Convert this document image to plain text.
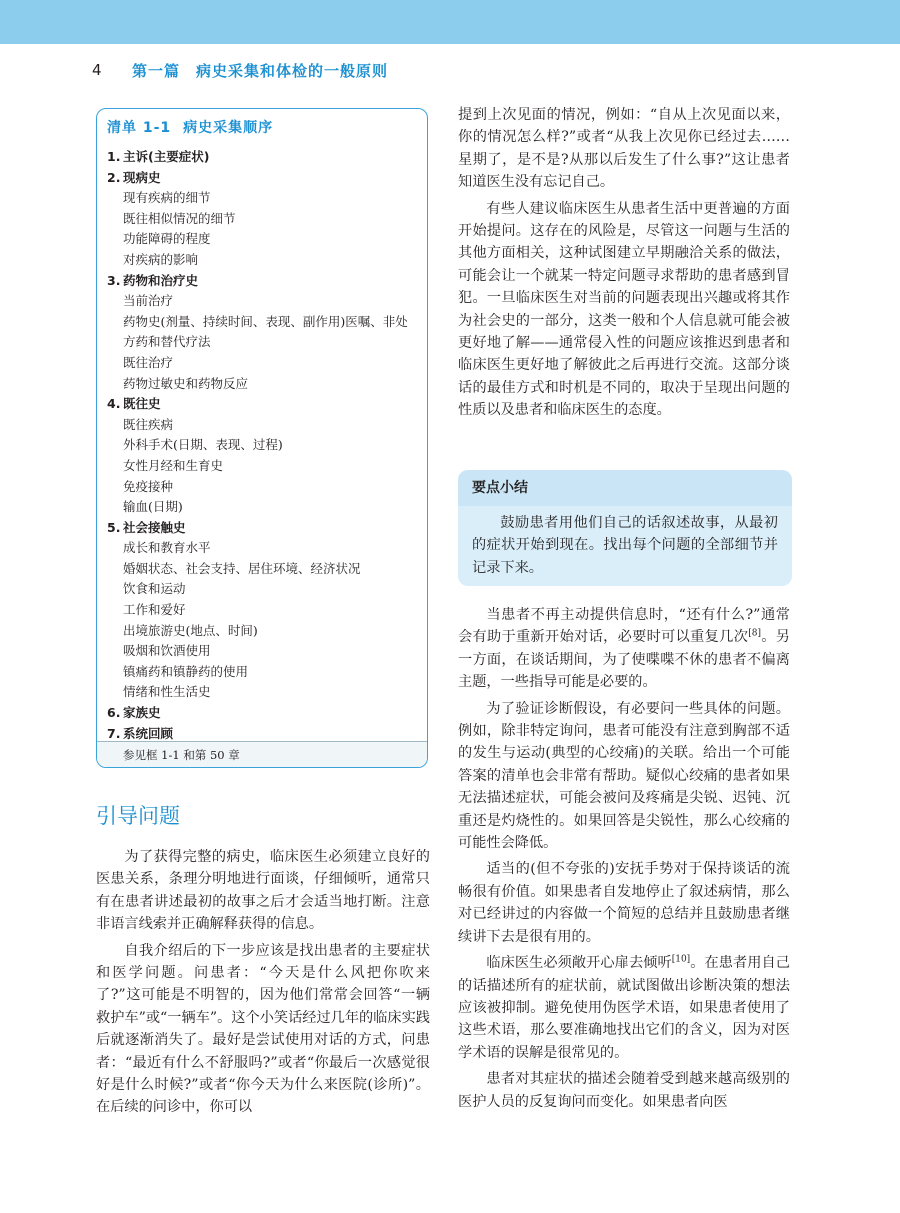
4	第一篇　病史采集和体检的一般原则
清单 1-1 病史采集顺序
1. 主诉(主要症状)
2. 现病史
现有疾病的细节
既往相似情况的细节
功能障碍的程度
对疾病的影响
3. 药物和治疗史
当前治疗
药物史(剂量、持续时间、表现、副作用)医嘱、非处方药和替代疗法
既往治疗
药物过敏史和药物反应
4. 既往史
既往疾病
外科手术(日期、表现、过程)
女性月经和生育史
免疫接种
输血(日期)
5. 社会接触史
成长和教育水平
婚姻状态、社会支持、居住环境、经济状况
饮食和运动
工作和爱好
出境旅游史(地点、时间)
吸烟和饮酒使用
镇痛药和镇静药的使用
情绪和性生活史
6. 家族史
7. 系统回顾
参见框 1-1 和第 50 章
引导问题

为了获得完整的病史，临床医生必须建立良好的医患关系，条理分明地进行面谈，仔细倾听，通常只有在患者讲述最初的故事之后才会适当地打断。注意非语言线索并正确解释获得的信息。

自我介绍后的下一步应该是找出患者的主要症状和医学问题。问患者：“今天是什么风把你吹来了?”这可能是不明智的，因为他们常常会回答“一辆救护车”或“一辆车”。这个小笑话经过几年的临床实践后就逐渐消失了。最好是尝试使用对话的方式，问患者：“最近有什么不舒服吗?”或者“你最后一次感觉很好是什么时候?”或者“你今天为什么来医院(诊所)”。在后续的问诊中，你可以

提到上次见面的情况，例如：“自从上次见面以来，你的情况怎么样?”或者“从我上次见你已经过去……星期了，是不是?从那以后发生了什么事?”这让患者知道医生没有忘记自己。

有些人建议临床医生从患者生活中更普遍的方面开始提问。这存在的风险是，尽管这一问题与生活的其他方面相关，这种试图建立早期融洽关系的做法，可能会让一个就某一特定问题寻求帮助的患者感到冒犯。一旦临床医生对当前的问题表现出兴趣或将其作为社会史的一部分，这类一般和个人信息就可能会被更好地了解——通常侵入性的问题应该推迟到患者和临床医生更好地了解彼此之后再进行交流。这部分谈话的最佳方式和时机是不同的，取决于呈现出问题的性质以及患者和临床医生的态度。

要点小结
鼓励患者用他们自己的话叙述故事，从最初的症状开始到现在。找出每个问题的全部细节并记录下来。

当患者不再主动提供信息时，“还有什么?”通常会有助于重新开始对话，必要时可以重复几次[8]。另一方面，在谈话期间，为了使喋喋不休的患者不偏离主题，一些指导可能是必要的。

为了验证诊断假设，有必要问一些具体的问题。例如，除非特定询问，患者可能没有注意到胸部不适的发生与运动(典型的心绞痛)的关联。给出一个可能答案的清单也会非常有帮助。疑似心绞痛的患者如果无法描述症状，可能会被问及疼痛是尖锐、迟钝、沉重还是灼烧性的。如果回答是尖锐性，那么心绞痛的可能性会降低。

适当的(但不夸张的)安抚手势对于保持谈话的流畅很有价值。如果患者自发地停止了叙述病情，那么对已经讲过的内容做一个简短的总结并且鼓励患者继续讲下去是很有用的。

临床医生必须敞开心扉去倾听[10]。在患者用自己的话描述所有的症状前，就试图做出诊断决策的想法应该被抑制。避免使用伪医学术语，如果患者使用了这些术语，那么要准确地找出它们的含义，因为对医学术语的误解是很常见的。

患者对其症状的描述会随着受到越来越高级别的医护人员的反复询问而变化。如果患者向医
